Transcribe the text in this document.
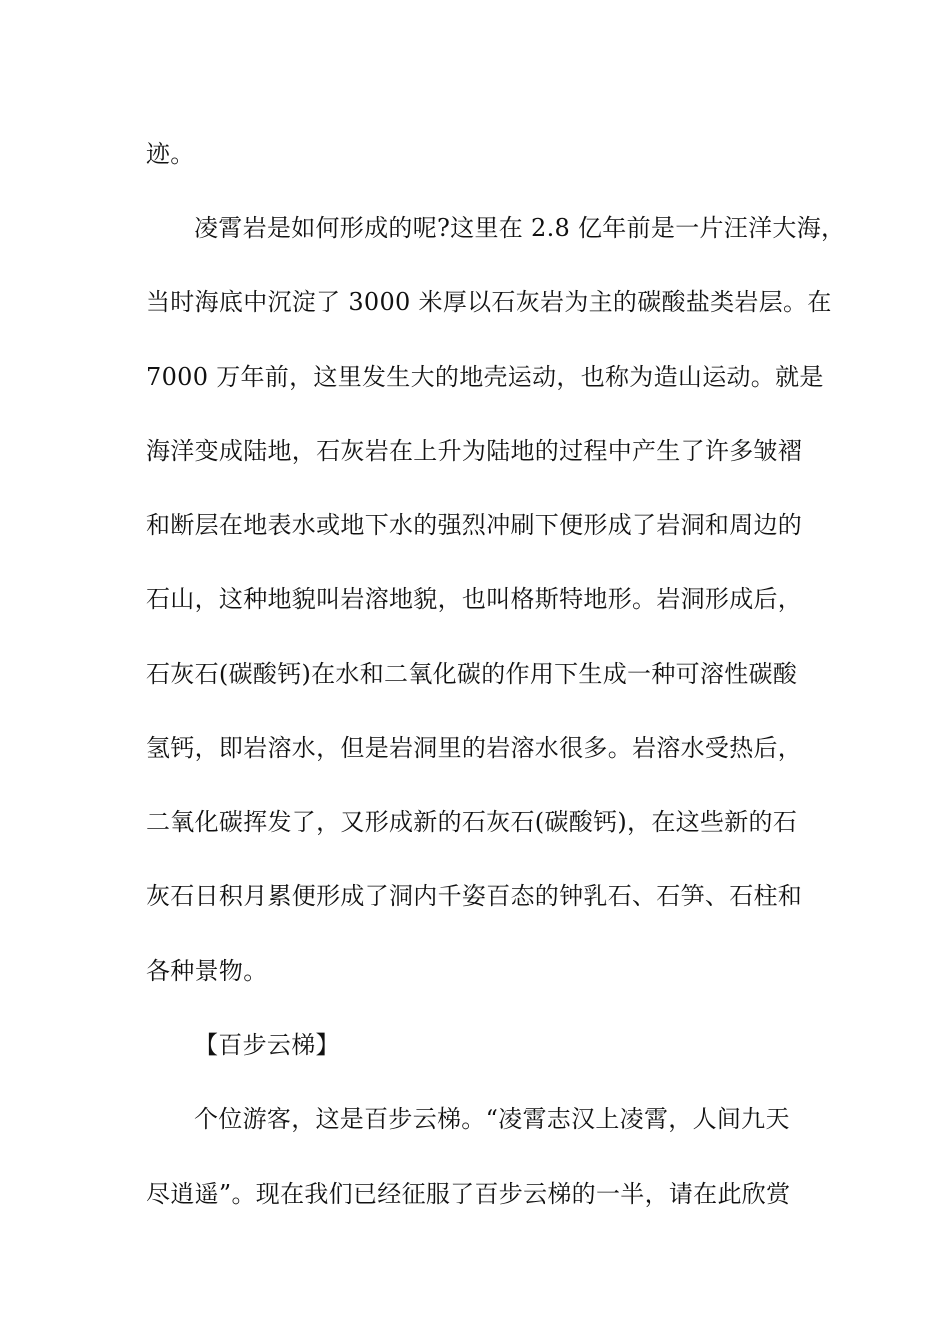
迹。
凌霄岩是如何形成的呢?这里在 2.8 亿年前是一片汪洋大海，
当时海底中沉淀了 3000 米厚以石灰岩为主的碳酸盐类岩层。在
7000 万年前，这里发生大的地壳运动，也称为造山运动。就是
海洋变成陆地，石灰岩在上升为陆地的过程中产生了许多皱褶
和断层在地表水或地下水的强烈冲刷下便形成了岩洞和周边的
石山，这种地貌叫岩溶地貌，也叫格斯特地形。岩洞形成后，
石灰石(碳酸钙)在水和二氧化碳的作用下生成一种可溶性碳酸
氢钙，即岩溶水，但是岩洞里的岩溶水很多。岩溶水受热后，
二氧化碳挥发了，又形成新的石灰石(碳酸钙)，在这些新的石
灰石日积月累便形成了洞内千姿百态的钟乳石、石笋、石柱和
各种景物。
【百步云梯】
个位游客，这是百步云梯。“凌霄志汉上凌霄，人间九天
尽逍遥”。现在我们已经征服了百步云梯的一半，请在此欣赏
